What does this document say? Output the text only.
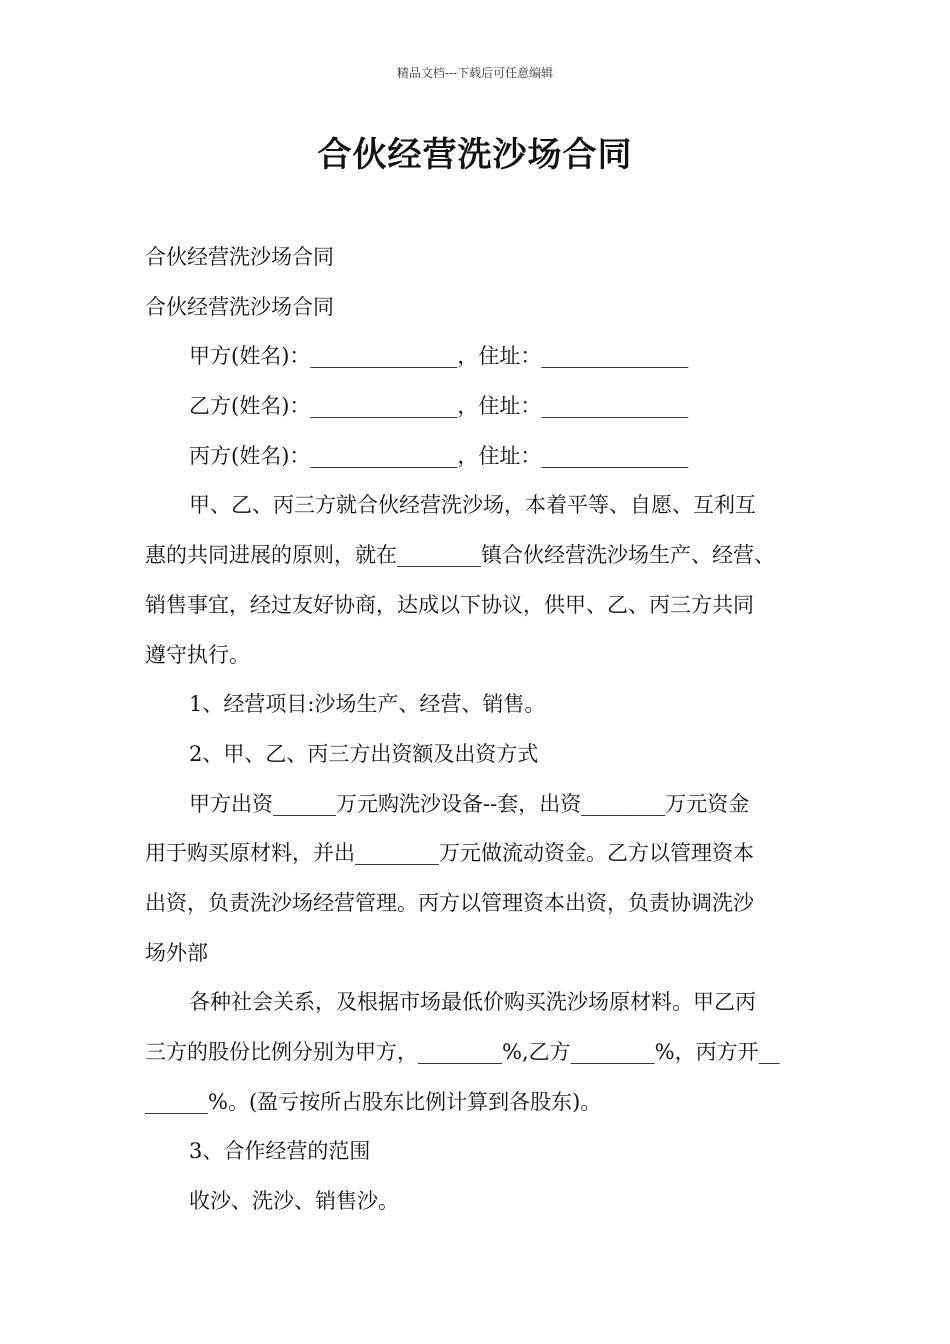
精品文档---下载后可任意编辑
合伙经营洗沙场合同
合伙经营洗沙场合同
合伙经营洗沙场合同
甲方(姓名)：______________，住址：______________
乙方(姓名)：______________，住址：______________
丙方(姓名)：______________，住址：______________
甲、乙、丙三方就合伙经营洗沙场，本着平等、自愿、互利互
惠的共同进展的原则，就在________镇合伙经营洗沙场生产、经营、
销售事宜，经过友好协商，达成以下协议，供甲、乙、丙三方共同
遵守执行。
1、经营项目:沙场生产、经营、销售。
2、甲、乙、丙三方出资额及出资方式
甲方出资______万元购洗沙设备--套，出资________万元资金
用于购买原材料，并出________万元做流动资金。乙方以管理资本
出资，负责洗沙场经营管理。丙方以管理资本出资，负责协调洗沙
场外部
各种社会关系，及根据市场最低价购买洗沙场原材料。甲乙丙
三方的股份比例分别为甲方，________%,乙方________%，丙方开__
______%。(盈亏按所占股东比例计算到各股东)。
3、合作经营的范围
收沙、洗沙、销售沙。
